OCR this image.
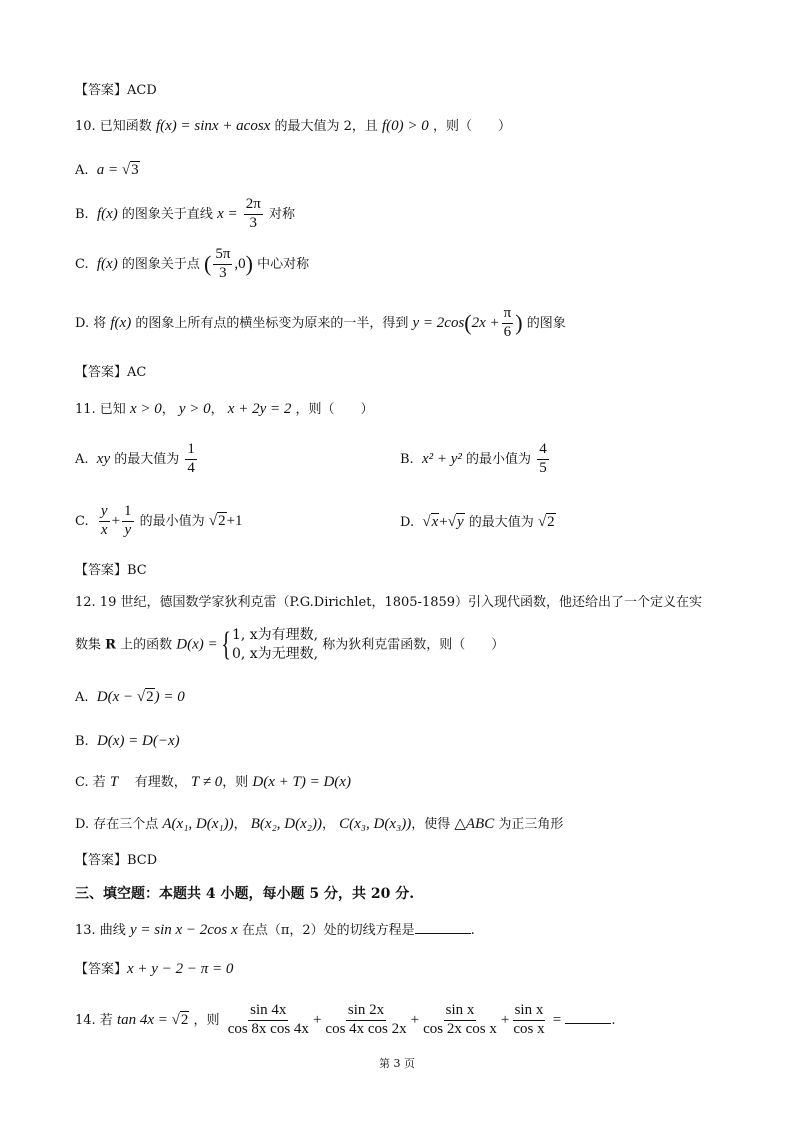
【答案】ACD
10. 已知函数 f(x) = sinx + acosx 的最大值为 2，且 f(0) > 0 ，则（　　）
A. a = √3
B. f(x) 的图象关于直线 $x = \frac{2\pi}{3}$ 对称
C. f(x) 的图象关于点 ( $\frac{5\pi}{3} ,0$) 中心对称
D. 将 f(x) 的图象上所有点的横坐标变为原来的一半，得到 $y = 2\cos(2x + \frac{\pi}{6}$ ) 的图象
【答案】AC
11. 已知 x > 0， y > 0， x + 2y = 2 ，则（　　）
A. xy 的最大值为 $\frac{1}{4}$	B. x² + y² 的最小值为 $\frac{4}{5}$
C. $\frac{y}{x} + \frac{1}{y}$ 的最小值为 √2+1	D. √x+√y 的最大值为 √2
【答案】BC
12. 19 世纪，德国数学家狄利克雷（P.G.Dirichlet，1805-1859）引入现代函数，他还给出了一个定义在实
数集 R 上的函数 D(x) ={ 1, x为有理数,
0, x为无理数,
称为狄利克雷函数，则（　　）
A. D(x − √2) = 0
B. D(x) = D(−x)
C. 若 T 有理数， T ≠ 0，则 D(x + T) = D(x)
D. 存在三个点 A(x₁, D(x₁))， B(x₂, D(x₂))， C(x₃, D(x₃))，使得 △ABC 为正三角形
【答案】BCD
三、填空题：本题共 4 小题，每小题 5 分，共 20 分.
13. 曲线 y = sin x − 2cos x 在点（π，2）处的切线方程是	.
【答案】x + y − 2 − π = 0
14. 若 tan 4x = √2 ，则 $\frac{\sin 4x}{\text{cos 8x cos 4x}} + \frac{\sin 2x}{\text{cos 4x cos 2x}} + \frac{\text{sin x}}{\text{cos 2x cos x}} + \frac{\text{sin x}}{\text{cos x}}$ =	.
第 3 页
